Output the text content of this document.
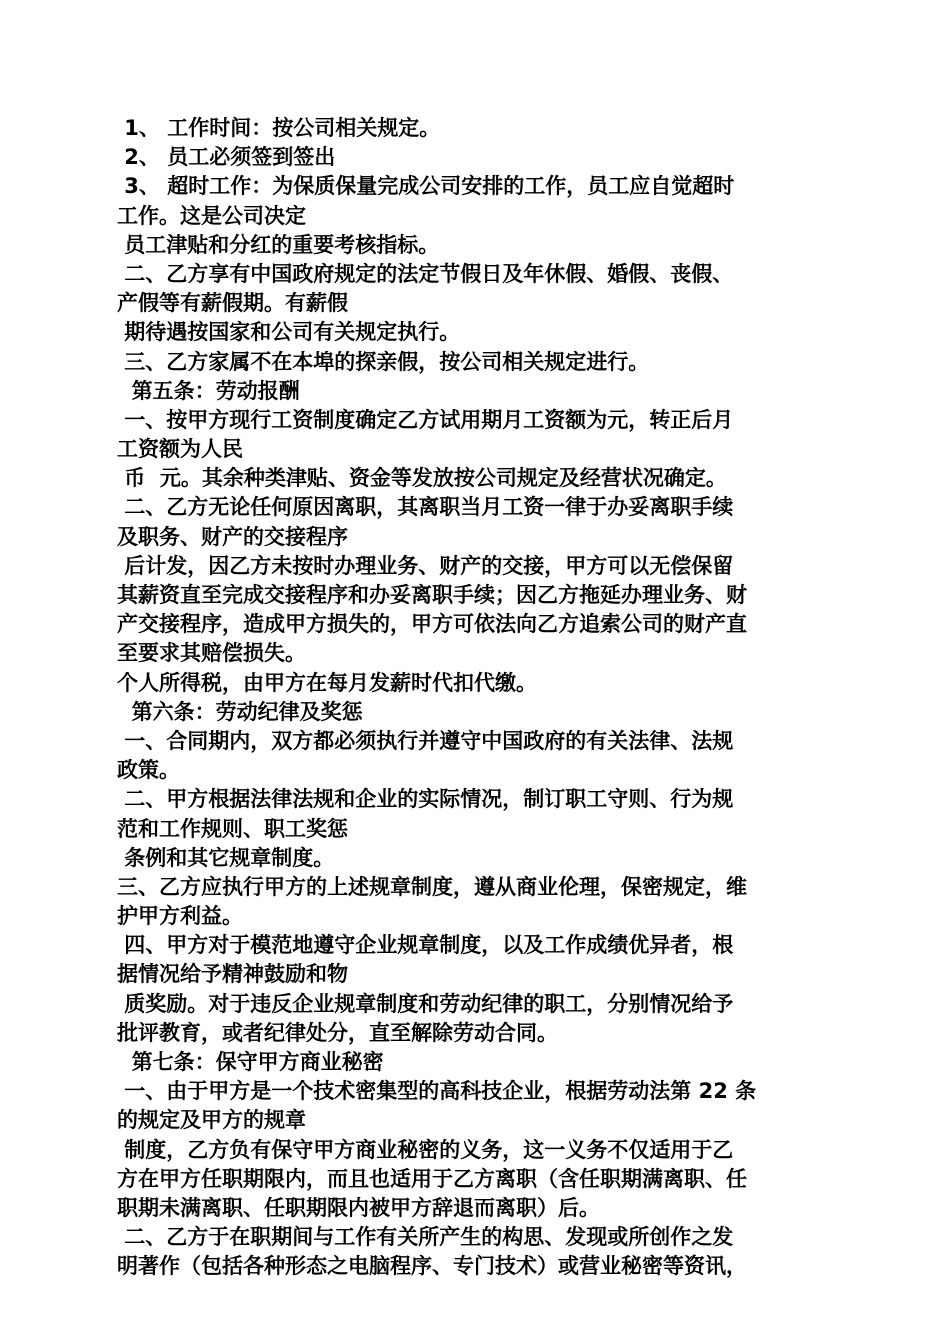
1、 工作时间：按公司相关规定。
2、 员工必须签到签出
3、 超时工作：为保质保量完成公司安排的工作，员工应自觉超时
工作。这是公司决定
员工津贴和分红的重要考核指标。
二、乙方享有中国政府规定的法定节假日及年休假、婚假、丧假、
产假等有薪假期。有薪假
期待遇按国家和公司有关规定执行。
三、乙方家属不在本埠的探亲假，按公司相关规定进行。
第五条：劳动报酬
一、按甲方现行工资制度确定乙方试用期月工资额为元，转正后月
工资额为人民
币  元。其余种类津贴、资金等发放按公司规定及经营状况确定。
二、乙方无论任何原因离职，其离职当月工资一律于办妥离职手续
及职务、财产的交接程序
后计发，因乙方未按时办理业务、财产的交接，甲方可以无偿保留
其薪资直至完成交接程序和办妥离职手续；因乙方拖延办理业务、财
产交接程序，造成甲方损失的，甲方可依法向乙方追索公司的财产直
至要求其赔偿损失。
个人所得税，由甲方在每月发薪时代扣代缴。
第六条：劳动纪律及奖惩
一、合同期内，双方都必须执行并遵守中国政府的有关法律、法规
政策。
二、甲方根据法律法规和企业的实际情况，制订职工守则、行为规
范和工作规则、职工奖惩
条例和其它规章制度。
三、乙方应执行甲方的上述规章制度，遵从商业伦理，保密规定，维
护甲方利益。
四、甲方对于模范地遵守企业规章制度，以及工作成绩优异者，根
据情况给予精神鼓励和物
质奖励。对于违反企业规章制度和劳动纪律的职工，分别情况给予
批评教育，或者纪律处分，直至解除劳动合同。
第七条：保守甲方商业秘密
一、由于甲方是一个技术密集型的高科技企业，根据劳动法第 22 条
的规定及甲方的规章
制度，乙方负有保守甲方商业秘密的义务，这一义务不仅适用于乙
方在甲方任职期限内，而且也适用于乙方离职（含任职期满离职、任
职期未满离职、任职期限内被甲方辞退而离职）后。
二、乙方于在职期间与工作有关所产生的构思、发现或所创作之发
明著作（包括各种形态之电脑程序、专门技术）或营业秘密等资讯，
